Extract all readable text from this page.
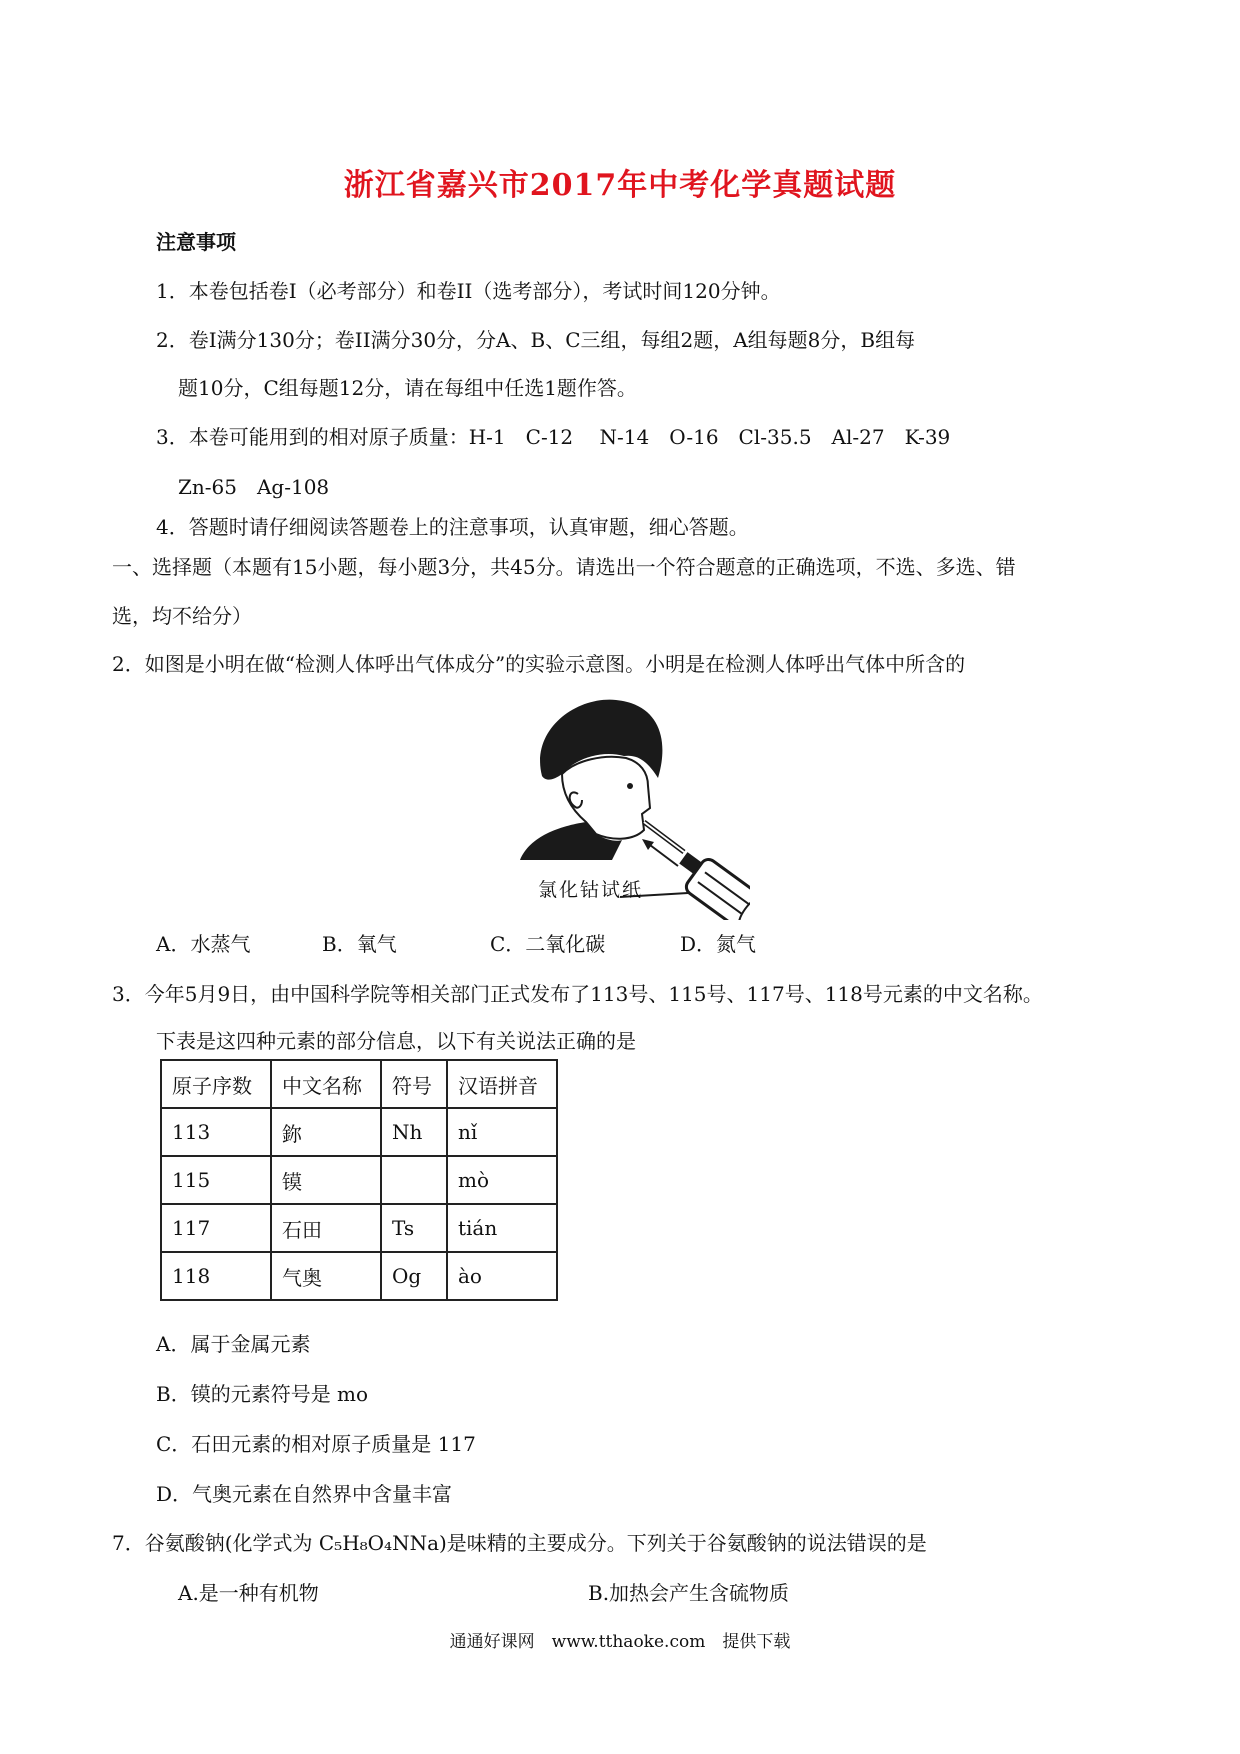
浙江省嘉兴市2017年中考化学真题试题
注意事项
1．本卷包括卷Ⅰ（必考部分）和卷II（选考部分），考试时间120分钟。
2．卷Ⅰ满分130分；卷II满分30分，分A、B、C三组，每组2题，A组每题8分，B组每
题10分，C组每题12分，请在每组中任选1题作答。
3．本卷可能用到的相对原子质量：H-1　C-12　 N-14　O-16　Cl-35.5　Al-27　K-39
Zn-65　Ag-108
4．答题时请仔细阅读答题卷上的注意事项，认真审题，细心答题。
一、选择题（本题有15小题，每小题3分，共45分。请选出一个符合题意的正确选项，不选、多选、错
选，均不给分）
2．如图是小明在做“检测人体呼出气体成分”的实验示意图。小明是在检测人体呼出气体中所含的
氯化钴试纸
A．水蒸气	B．氧气	C．二氧化碳	D．氮气
3．今年5月9日，由中国科学院等相关部门正式发布了113号、115号、117号、118号元素的中文名称。
下表是这四种元素的部分信息，以下有关说法正确的是
原子序数	中文名称	符号	汉语拼音
113	鉨	Nh	nǐ
115	镆		mò
117	石田	Ts	tián
118	气奥	Og	ào
A．属于金属元素
B．镆的元素符号是 mo
C．石田元素的相对原子质量是 117
D．气奥元素在自然界中含量丰富
7．谷氨酸钠(化学式为 C₅H₈O₄NNa)是味精的主要成分。下列关于谷氨酸钠的说法错误的是
A.是一种有机物	B.加热会产生含硫物质
通通好课网　www.tthaoke.com　提供下载
